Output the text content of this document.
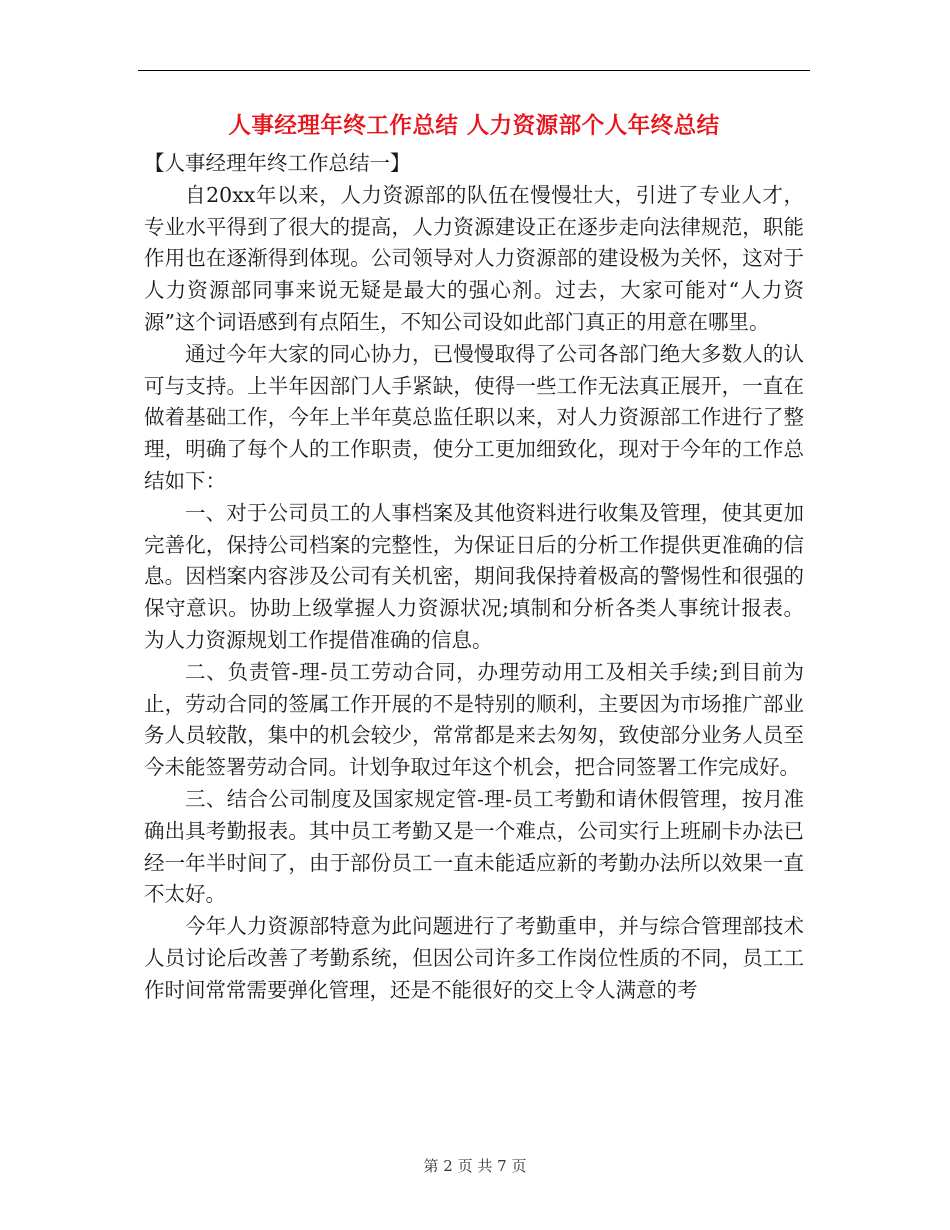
人事经理年终工作总结 人力资源部个人年终总结

【人事经理年终工作总结一】

自20xx年以来，人力资源部的队伍在慢慢壮大，引进了专业人才，专业水平得到了很大的提高，人力资源建设正在逐步走向法律规范，职能作用也在逐渐得到体现。公司领导对人力资源部的建设极为关怀，这对于人力资源部同事来说无疑是最大的强心剂。过去，大家可能对“人力资源”这个词语感到有点陌生，不知公司设如此部门真正的用意在哪里。

通过今年大家的同心协力，已慢慢取得了公司各部门绝大多数人的认可与支持。上半年因部门人手紧缺，使得一些工作无法真正展开，一直在做着基础工作，今年上半年莫总监任职以来，对人力资源部工作进行了整理，明确了每个人的工作职责，使分工更加细致化，现对于今年的工作总结如下：

一、对于公司员工的人事档案及其他资料进行收集及管理，使其更加完善化，保持公司档案的完整性，为保证日后的分析工作提供更准确的信息。因档案内容涉及公司有关机密，期间我保持着极高的警惕性和很强的保守意识。协助上级掌握人力资源状况;填制和分析各类人事统计报表。为人力资源规划工作提借准确的信息。

二、负责管-理-员工劳动合同，办理劳动用工及相关手续;到目前为止，劳动合同的签属工作开展的不是特别的顺利，主要因为市场推广部业务人员较散，集中的机会较少，常常都是来去匆匆，致使部分业务人员至今未能签署劳动合同。计划争取过年这个机会，把合同签署工作完成好。

三、结合公司制度及国家规定管-理-员工考勤和请休假管理，按月准确出具考勤报表。其中员工考勤又是一个难点，公司实行上班刷卡办法已经一年半时间了，由于部份员工一直未能适应新的考勤办法所以效果一直不太好。

今年人力资源部特意为此问题进行了考勤重申，并与综合管理部技术人员讨论后改善了考勤系统，但因公司许多工作岗位性质的不同，员工工作时间常常需要弹化管理，还是不能很好的交上令人满意的考

第 2 页 共 7 页
